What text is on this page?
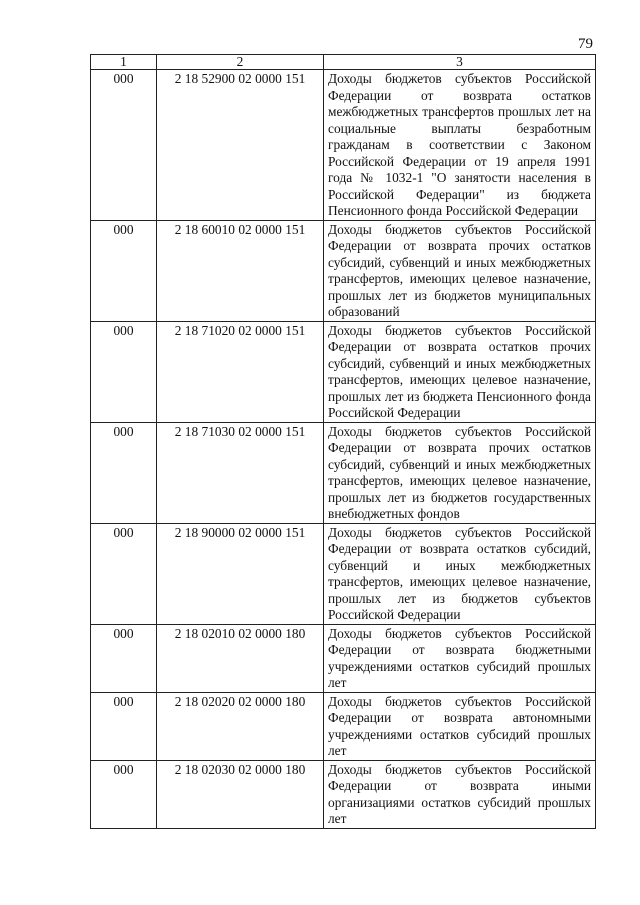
79
1	2	3
000	2 18 52900 02 0000 151	Доходы бюджетов субъектов Российской Федерации от возврата остатков межбюджетных трансфертов прошлых лет на социальные выплаты безработным гражданам в соответствии с Законом Российской Федерации от 19 апреля 1991 года № 1032-1 "О занятости населения в Российской Федерации" из бюджета Пенсионного фонда Российской Федерации
000	2 18 60010 02 0000 151	Доходы бюджетов субъектов Российской Федерации от возврата прочих остатков субсидий, субвенций и иных межбюджетных трансфертов, имеющих целевое назначение, прошлых лет из бюджетов муниципальных образований
000	2 18 71020 02 0000 151	Доходы бюджетов субъектов Российской Федерации от возврата остатков прочих субсидий, субвенций и иных межбюджетных трансфертов, имеющих целевое назначение, прошлых лет из бюджета Пенсионного фонда Российской Федерации
000	2 18 71030 02 0000 151	Доходы бюджетов субъектов Российской Федерации от возврата прочих остатков субсидий, субвенций и иных межбюджетных трансфертов, имеющих целевое назначение, прошлых лет из бюджетов государственных внебюджетных фондов
000	2 18 90000 02 0000 151	Доходы бюджетов субъектов Российской Федерации от возврата остатков субсидий, субвенций и иных межбюджетных трансфертов, имеющих целевое назначение, прошлых лет из бюджетов субъектов Российской Федерации
000	2 18 02010 02 0000 180	Доходы бюджетов субъектов Российской Федерации от возврата бюджетными учреждениями остатков субсидий прошлых лет
000	2 18 02020 02 0000 180	Доходы бюджетов субъектов Российской Федерации от возврата автономными учреждениями остатков субсидий прошлых лет
000	2 18 02030 02 0000 180	Доходы бюджетов субъектов Российской Федерации от возврата иными организациями остатков субсидий прошлых лет
